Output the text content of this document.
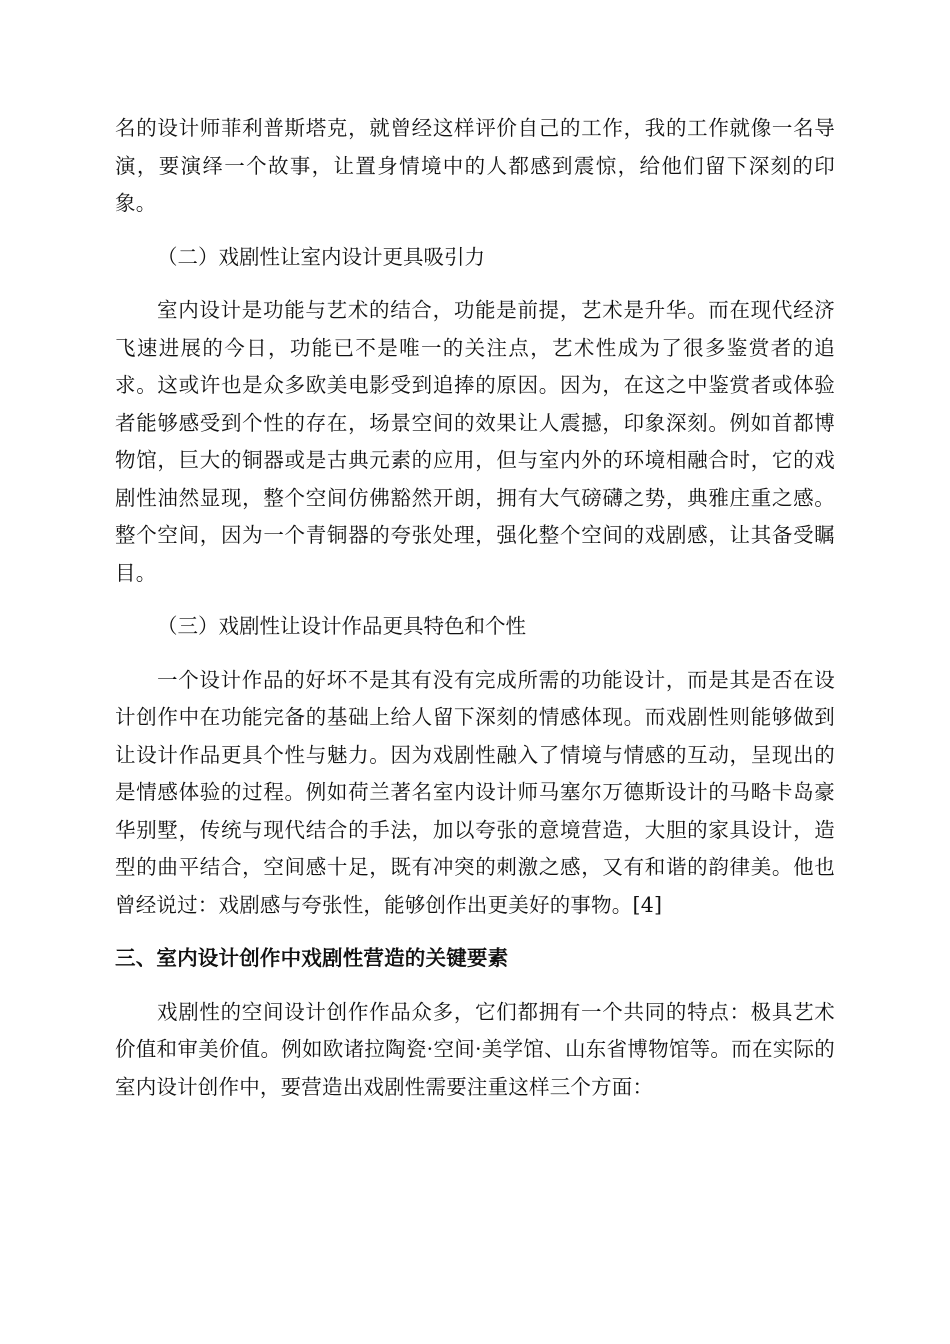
名的设计师菲利普斯塔克，就曾经这样评价自己的工作，我的工作就像一名导演，要演绎一个故事，让置身情境中的人都感到震惊，给他们留下深刻的印象。

（二）戏剧性让室内设计更具吸引力

室内设计是功能与艺术的结合，功能是前提，艺术是升华。而在现代经济飞速进展的今日，功能已不是唯一的关注点，艺术性成为了很多鉴赏者的追求。这或许也是众多欧美电影受到追捧的原因。因为，在这之中鉴赏者或体验者能够感受到个性的存在，场景空间的效果让人震撼，印象深刻。例如首都博物馆，巨大的铜器或是古典元素的应用，但与室内外的环境相融合时，它的戏剧性油然显现，整个空间仿佛豁然开朗，拥有大气磅礴之势，典雅庄重之感。整个空间，因为一个青铜器的夸张处理，强化整个空间的戏剧感，让其备受瞩目。

（三）戏剧性让设计作品更具特色和个性

一个设计作品的好坏不是其有没有完成所需的功能设计，而是其是否在设计创作中在功能完备的基础上给人留下深刻的情感体现。而戏剧性则能够做到让设计作品更具个性与魅力。因为戏剧性融入了情境与情感的互动，呈现出的是情感体验的过程。例如荷兰著名室内设计师马塞尔万德斯设计的马略卡岛豪华别墅，传统与现代结合的手法，加以夸张的意境营造，大胆的家具设计，造型的曲平结合，空间感十足，既有冲突的刺激之感，又有和谐的韵律美。他也曾经说过：戏剧感与夸张性，能够创作出更美好的事物。[4]

三、室内设计创作中戏剧性营造的关键要素

戏剧性的空间设计创作作品众多，它们都拥有一个共同的特点：极具艺术价值和审美价值。例如欧诸拉陶瓷·空间·美学馆、山东省博物馆等。而在实际的室内设计创作中，要营造出戏剧性需要注重这样三个方面：
